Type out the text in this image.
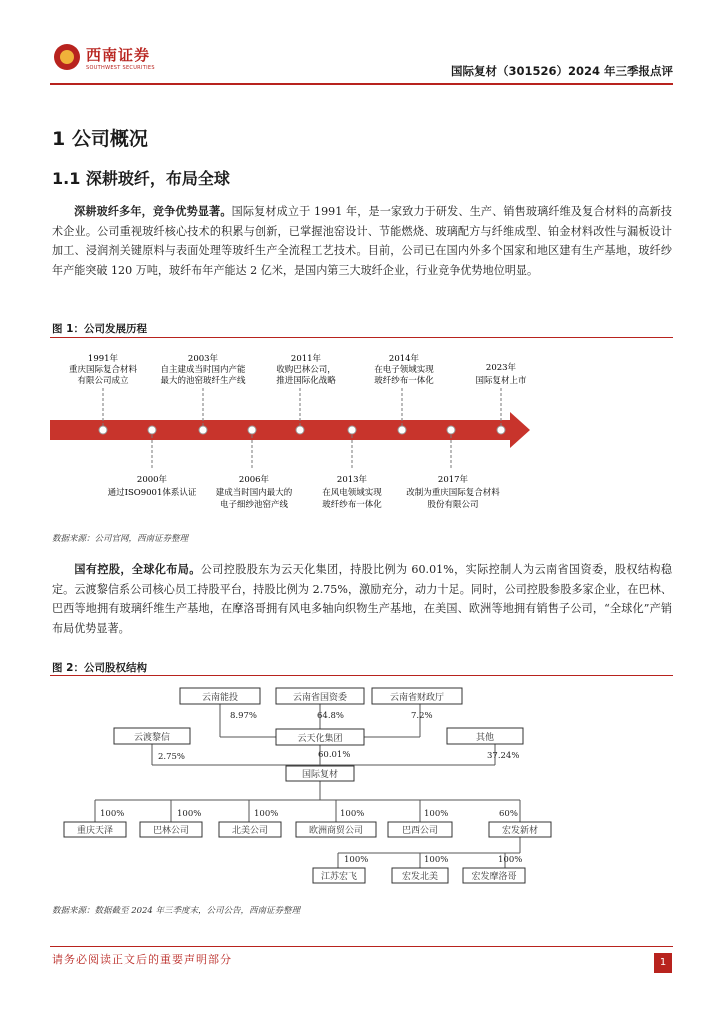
西南证券
SOUTHWEST SECURITIES	国际复材（301526）2024 年三季报点评
1 公司概况
1.1 深耕玻纤，布局全球
深耕玻纤多年，竞争优势显著。国际复材成立于 1991 年，是一家致力于研发、生产、销售玻璃纤维及复合材料的高新技术企业。公司重视玻纤核心技术的积累与创新，已掌握池窑设计、节能燃烧、玻璃配方与纤维成型、铂金材料改性与漏板设计加工、浸润剂关键原料与表面处理等玻纤生产全流程工艺技术。目前，公司已在国内外多个国家和地区建有生产基地，玻纤纱年产能突破 120 万吨，玻纤布年产能达 2 亿米，是国内第三大玻纤企业，行业竞争优势地位明显。
图 1：公司发展历程
1991年
重庆国际复合材料
有限公司成立
2003年
自主建成当时国内产能
最大的池窑玻纤生产线
2011年
收购巴林公司，
推进国际化战略
2014年
在电子领域实现
玻纤纱布一体化
2023年
国际复材上市
2000年
通过ISO9001体系认证
2006年
建成当时国内最大的
电子细纱池窑产线
2013年
在风电领域实现
玻纤纱布一体化
2017年
改制为重庆国际复合材料
股份有限公司
数据来源：公司官网，西南证券整理
国有控股，全球化布局。公司控股股东为云天化集团，持股比例为 60.01%，实际控制人为云南省国资委，股权结构稳定。云渡黎信系公司核心员工持股平台，持股比例为 2.75%，激励充分，动力十足。同时，公司控股参股多家企业，在巴林、巴西等地拥有玻璃纤维生产基地，在摩洛哥拥有风电多轴向织物生产基地，在美国、欧洲等地拥有销售子公司，“全球化”产销布局优势显著。
图 2：公司股权结构
云南能投	云南省国资委	云南省财政厅
云渡黎信	云天化集团	其他
国际复材
重庆天泽	巴林公司	北美公司	欧洲商贸公司	巴西公司	宏发新材
江苏宏飞	宏发北美	宏发摩洛哥
8.97%	64.8%	7.2%
2.75%	60.01%	37.24%
100%	100%	100%	100%	100%	60%
100%	100%	100%
数据来源：数据截至 2024 年三季度末，公司公告，西南证券整理
请务必阅读正文后的重要声明部分	1
